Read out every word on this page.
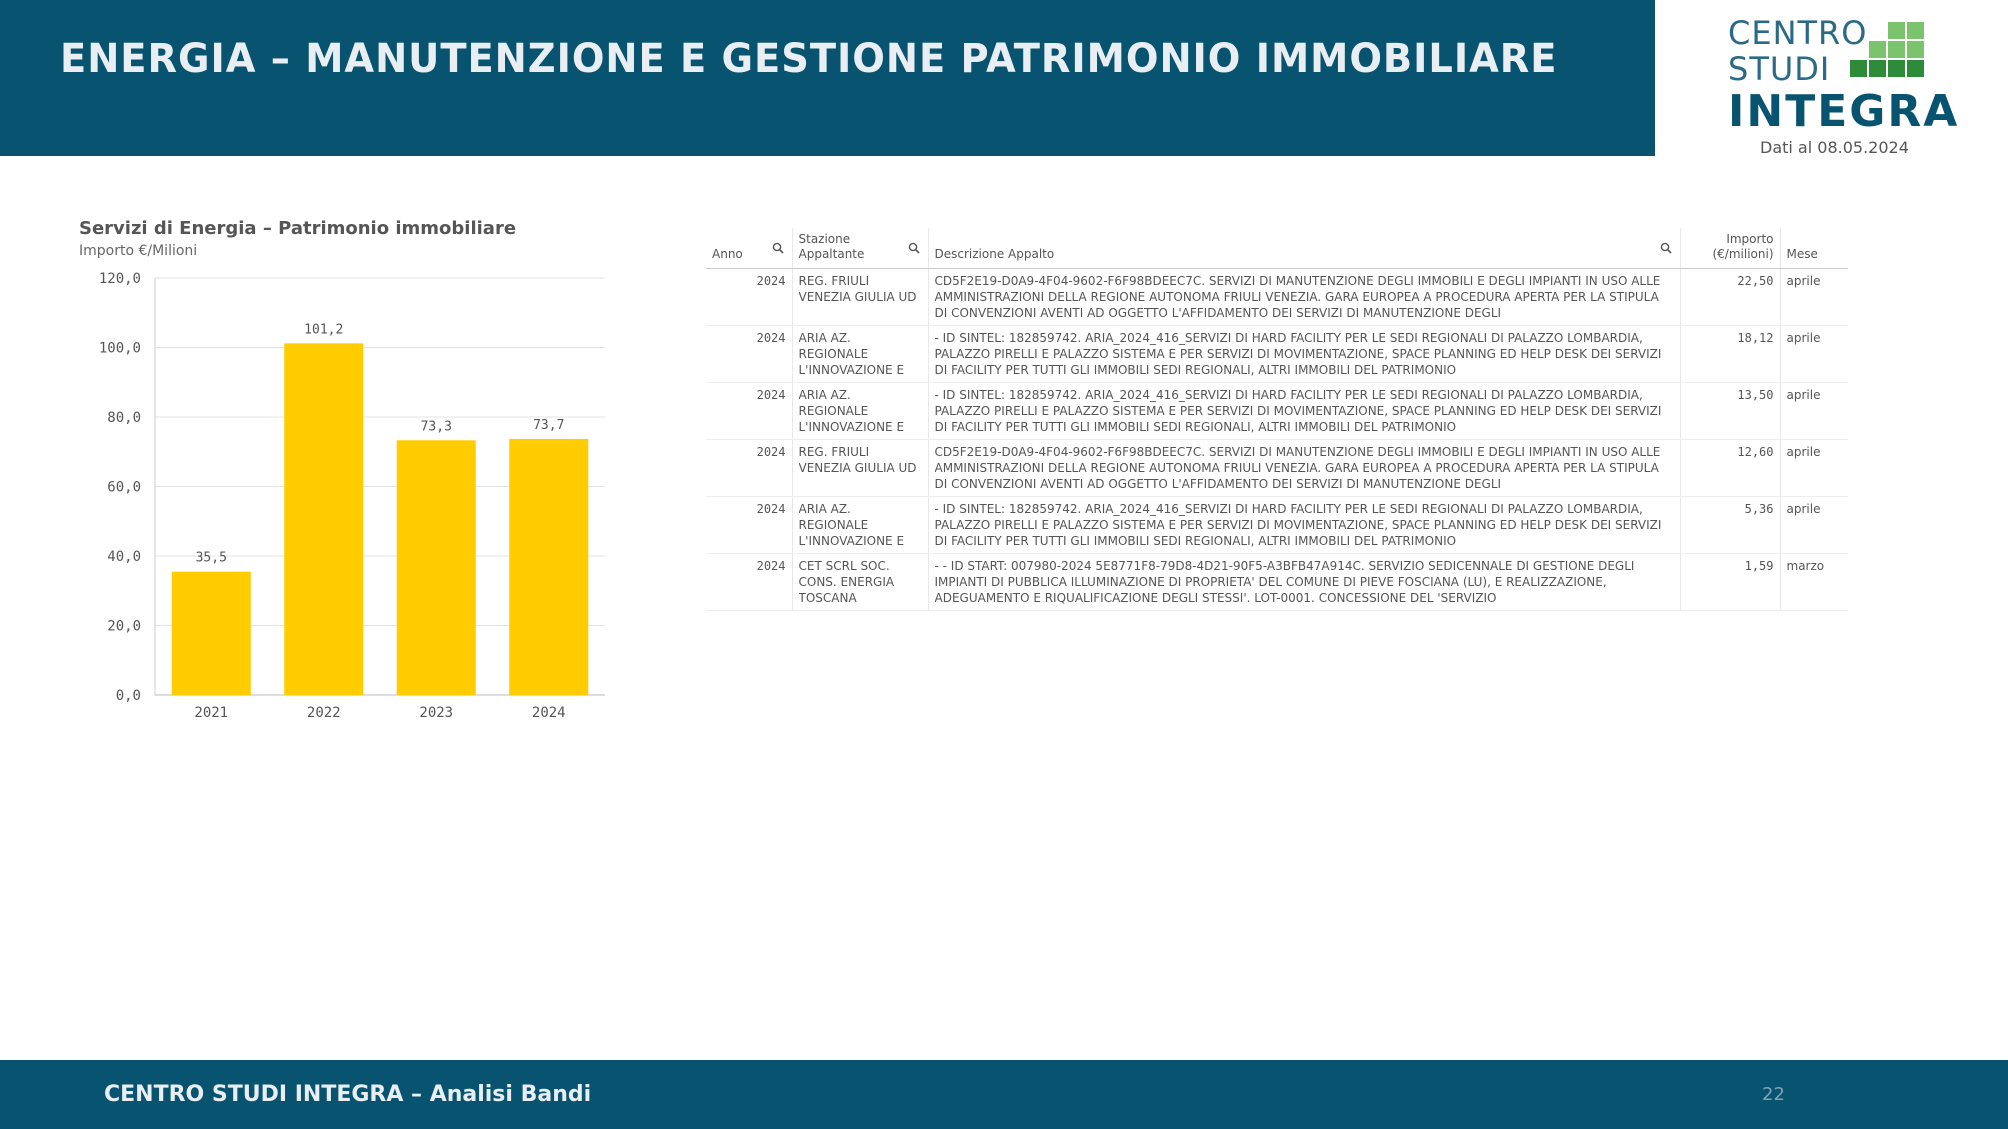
ENERGIA – MANUTENZIONE E GESTIONE PATRIMONIO IMMOBILIARE
CENTRO
STUDI
INTEGRA
Dati al 08.05.2024
Servizi di Energia – Patrimonio immobiliare
Importo €/Milioni
0,0
20,0
40,0
60,0
80,0
100,0
120,0
35,5
2021
101,2
2022
73,3
2023
73,7
2024
Anno	Stazione Appaltante	Descrizione Appalto	Importo (€/milioni)	Mese

2024	REG. FRIULI VENEZIA GIULIA UD	CD5F2E19-D0A9-4F04-9602-F6F98BDEEC7C. SERVIZI DI MANUTENZIONE DEGLI IMMOBILI E DEGLI IMPIANTI IN USO ALLE AMMINISTRAZIONI DELLA REGIONE AUTONOMA FRIULI VENEZIA. GARA EUROPEA A PROCEDURA APERTA PER LA STIPULA DI CONVENZIONI AVENTI AD OGGETTO L'AFFIDAMENTO DEI SERVIZI DI MANUTENZIONE DEGLI	22,50	aprile

2024	ARIA AZ. REGIONALE L'INNOVAZIONE E	- ID SINTEL: 182859742. ARIA_2024_416_SERVIZI DI HARD FACILITY PER LE SEDI REGIONALI DI PALAZZO LOMBARDIA, PALAZZO PIRELLI E PALAZZO SISTEMA E PER SERVIZI DI MOVIMENTAZIONE, SPACE PLANNING ED HELP DESK DEI SERVIZI DI FACILITY PER TUTTI GLI IMMOBILI SEDI REGIONALI, ALTRI IMMOBILI DEL PATRIMONIO	18,12	aprile

2024	ARIA AZ. REGIONALE L'INNOVAZIONE E	- ID SINTEL: 182859742. ARIA_2024_416_SERVIZI DI HARD FACILITY PER LE SEDI REGIONALI DI PALAZZO LOMBARDIA, PALAZZO PIRELLI E PALAZZO SISTEMA E PER SERVIZI DI MOVIMENTAZIONE, SPACE PLANNING ED HELP DESK DEI SERVIZI DI FACILITY PER TUTTI GLI IMMOBILI SEDI REGIONALI, ALTRI IMMOBILI DEL PATRIMONIO	13,50	aprile

2024	REG. FRIULI VENEZIA GIULIA UD	CD5F2E19-D0A9-4F04-9602-F6F98BDEEC7C. SERVIZI DI MANUTENZIONE DEGLI IMMOBILI E DEGLI IMPIANTI IN USO ALLE AMMINISTRAZIONI DELLA REGIONE AUTONOMA FRIULI VENEZIA. GARA EUROPEA A PROCEDURA APERTA PER LA STIPULA DI CONVENZIONI AVENTI AD OGGETTO L'AFFIDAMENTO DEI SERVIZI DI MANUTENZIONE DEGLI	12,60	aprile

2024	ARIA AZ. REGIONALE L'INNOVAZIONE E	- ID SINTEL: 182859742. ARIA_2024_416_SERVIZI DI HARD FACILITY PER LE SEDI REGIONALI DI PALAZZO LOMBARDIA, PALAZZO PIRELLI E PALAZZO SISTEMA E PER SERVIZI DI MOVIMENTAZIONE, SPACE PLANNING ED HELP DESK DEI SERVIZI DI FACILITY PER TUTTI GLI IMMOBILI SEDI REGIONALI, ALTRI IMMOBILI DEL PATRIMONIO	5,36	aprile

2024	CET SCRL SOC. CONS. ENERGIA TOSCANA	- - ID START: 007980-2024 5E8771F8-79D8-4D21-90F5-A3BFB47A914C. SERVIZIO SEDICENNALE DI GESTIONE DEGLI IMPIANTI DI PUBBLICA ILLUMINAZIONE DI PROPRIETA' DEL COMUNE DI PIEVE FOSCIANA (LU), E REALIZZAZIONE, ADEGUAMENTO E RIQUALIFICAZIONE DEGLI STESSI'. LOT-0001. CONCESSIONE DEL 'SERVIZIO	1,59	marzo
CENTRO STUDI INTEGRA – Analisi Bandi	22
